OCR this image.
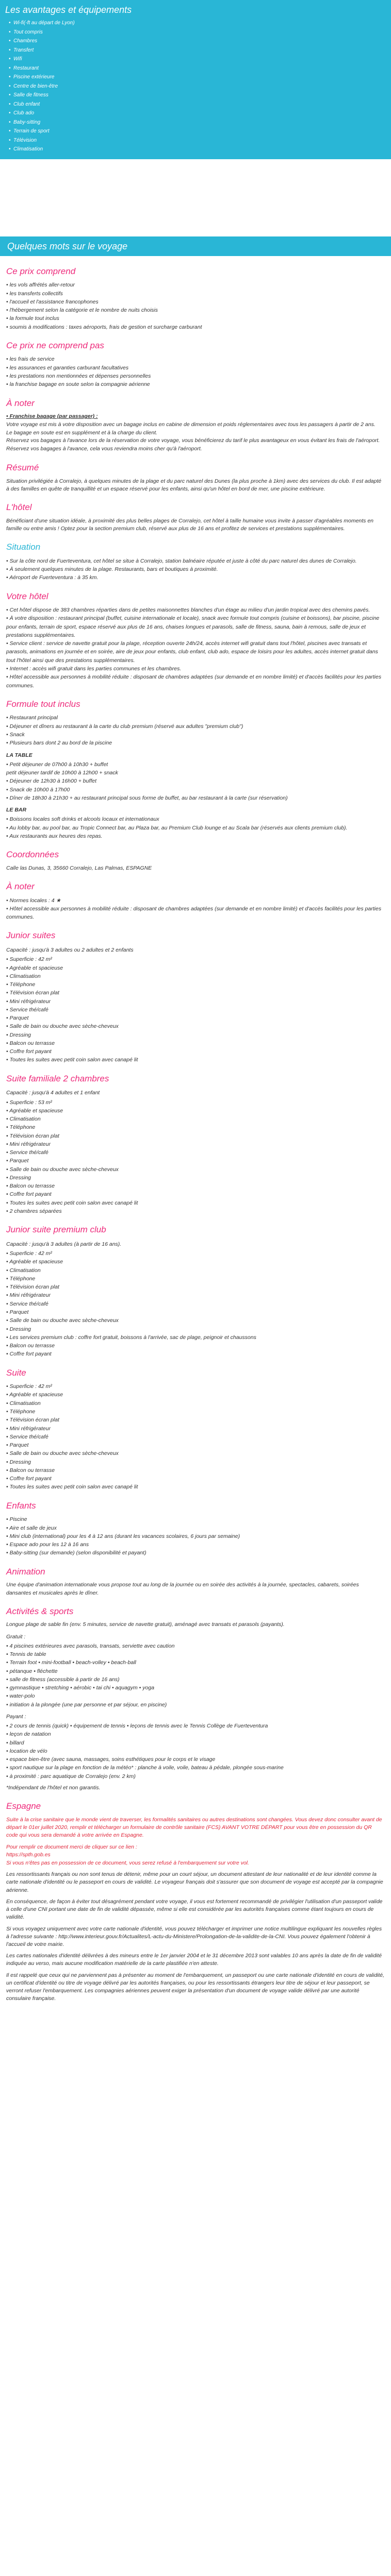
Les avantages et équipements
• Wi-fi(-ft au départ de Lyon)
• Tout compris
• Chambres
• Transfert
• Wifi
• Restaurant
• Piscine extérieure
• Centre de bien-être
• Salle de fitness
• Club enfant
• Club ado
• Baby-sitting
• Terrain de sport
• Télévision
• Climatisation
Quelques mots sur le voyage
Ce prix comprend
• les vols affrétés aller-retour
• les transferts collectifs
• l'accueil et l'assistance francophones
• l'hébergement selon la catégorie et le nombre de nuits choisis
• la formule tout inclus
• soumis à modifications : taxes aéroports, frais de gestion et surcharge carburant
Ce prix ne comprend pas
• les frais de service
• les assurances et garanties carburant facultatives
• les prestations non mentionnées et dépenses personnelles
• la franchise bagage en soute selon la compagnie aérienne
À noter
• Franchise bagage (par passager) :
Votre voyage est mis à votre disposition avec un bagage inclus en cabine de dimension et poids réglementaires avec tous les passagers à partir de 2 ans.
Le bagage en soute est en supplément et à la charge du client.
Réservez vos bagages à l'avance lors de la réservation de votre voyage, vous bénéficierez du tarif le plus avantageux en vous évitant les frais de l'aéroport.
Réservez vos bagages à l'avance, cela vous reviendra moins cher qu'à l'aéroport.
Résumé

Situation privilégiée à Corralejo, à quelques minutes de la plage et du parc naturel des Dunes (la plus proche à 1km) avec des services du club. Il est adapté à des familles en quête de tranquillité et un espace réservé pour les enfants, ainsi qu'un hôtel en bord de mer, une piscine extérieure.

L'hôtel

Bénéficiant d'une situation idéale, à proximité des plus belles plages de Corralejo, cet hôtel à taille humaine vous invite à passer d'agréables moments en famille ou entre amis ! Optez pour la section premium club, réservé aux plus de 16 ans et profitez de services et prestations supplémentaires.

Situation
• Sur la côte nord de Fuerteventura, cet hôtel se situe à Corralejo, station balnéaire réputée et juste à côté du parc naturel des dunes de Corralejo.
• À seulement quelques minutes de la plage. Restaurants, bars et boutiques à proximité.
• Aéroport de Fuerteventura : à 35 km.
Votre hôtel
• Cet hôtel dispose de 383 chambres réparties dans de petites maisonnettes blanches d'un étage au milieu d'un jardin tropical avec des chemins pavés.
• À votre disposition : restaurant principal (buffet, cuisine internationale et locale), snack avec formule tout compris (cuisine et boissons), bar piscine, piscine pour enfants, terrain de sport, espace réservé aux plus de 16 ans, chaises longues et parasols, salle de fitness, sauna, bain à remous, salle de jeux et prestations supplémentaires.
• Service client : service de navette gratuit pour la plage, réception ouverte 24h/24, accès internet wifi gratuit dans tout l'hôtel, piscines avec transats et parasols, animations en journée et en soirée, aire de jeux pour enfants, club enfant, club ado, espace de loisirs pour les adultes, accès internet gratuit dans tout l'hôtel ainsi que des prestations supplémentaires.
• Internet : accès wifi gratuit dans les parties communes et les chambres.
• Hôtel accessible aux personnes à mobilité réduite : disposant de chambres adaptées (sur demande et en nombre limité) et d'accès facilités pour les parties communes.
Formule tout inclus
• Restaurant principal
• Déjeuner et dîners au restaurant à la carte du club premium (réservé aux adultes "premium club")
• Snack
• Plusieurs bars dont 2 au bord de la piscine
LA TABLE
• Petit déjeuner de 07h00 à 10h30 + buffet
petit déjeuner tardif de 10h00 à 12h00 + snack
• Déjeuner de 12h30 à 16h00 + buffet
• Snack de 10h00 à 17h00
• Dîner de 18h30 à 21h30 + au restaurant principal sous forme de buffet, au bar restaurant à la carte (sur réservation)
LE BAR
• Boissons locales soft drinks et alcools locaux et internationaux
• Au lobby bar, au pool bar, au Tropic Connect bar, au Plaza bar, au Premium Club lounge et au Scala bar (réservés aux clients premium club).
• Aux restaurants aux heures des repas.
Coordonnées

Calle las Dunas, 3, 35660 Corralejo, Las Palmas, ESPAGNE

À noter
• Normes locales : 4 ★
• Hôtel accessible aux personnes à mobilité réduite : disposant de chambres adaptées (sur demande et en nombre limité) et d'accès facilités pour les parties communes.
Junior suites
Capacité : jusqu'à 3 adultes ou 2 adultes et 2 enfants
• Superficie : 42 m²
• Agréable et spacieuse
• Climatisation
• Téléphone
• Télévision écran plat
• Mini réfrigérateur
• Service thé/café
• Parquet
• Salle de bain ou douche avec sèche-cheveux
• Dressing
• Balcon ou terrasse
• Coffre fort payant
• Toutes les suites avec petit coin salon avec canapé lit
Suite familiale 2 chambres
Capacité : jusqu'à 4 adultes et 1 enfant
• Superficie : 53 m²
• Agréable et spacieuse
• Climatisation
• Téléphone
• Télévision écran plat
• Mini réfrigérateur
• Service thé/café
• Parquet
• Salle de bain ou douche avec sèche-cheveux
• Dressing
• Balcon ou terrasse
• Coffre fort payant
• Toutes les suites avec petit coin salon avec canapé lit
• 2 chambres séparées
Junior suite premium club
Capacité : jusqu'à 3 adultes (à partir de 16 ans).
• Superficie : 42 m²
• Agréable et spacieuse
• Climatisation
• Téléphone
• Télévision écran plat
• Mini réfrigérateur
• Service thé/café
• Parquet
• Salle de bain ou douche avec sèche-cheveux
• Dressing
• Les services premium club : coffre fort gratuit, boissons à l'arrivée, sac de plage, peignoir et chaussons
• Balcon ou terrasse
• Coffre fort payant
Suite
• Superficie : 42 m²
• Agréable et spacieuse
• Climatisation
• Téléphone
• Télévision écran plat
• Mini réfrigérateur
• Service thé/café
• Parquet
• Salle de bain ou douche avec sèche-cheveux
• Dressing
• Balcon ou terrasse
• Coffre fort payant
• Toutes les suites avec petit coin salon avec canapé lit
Enfants
• Piscine
• Aire et salle de jeux
• Mini club (international) pour les 4 à 12 ans (durant les vacances scolaires, 6 jours par semaine)
• Espace ado pour les 12 à 16 ans
• Baby-sitting (sur demande) (selon disponibilité et payant)
Animation

Une équipe d'animation internationale vous propose tout au long de la journée ou en soirée des activités à la journée, spectacles, cabarets, soirées dansantes et musicales après le dîner.

Activités & sports

Longue plage de sable fin (env. 5 minutes, service de navette gratuit), aménagé avec transats et parasols (payants).

Gratuit :
• 4 piscines extérieures avec parasols, transats, serviette avec caution
• Tennis de table
• Terrain foot • mini-football • beach-volley • beach-ball
• pétanque • fléchette
• salle de fitness (accessible à partir de 16 ans)
• gymnastique • stretching • aérobic • tai chi • aquagym • yoga
• water-polo
• initiation à la plongée (une par personne et par séjour, en piscine)
Payant :
• 2 cours de tennis (quick) • équipement de tennis • leçons de tennis avec le Tennis Collège de Fuerteventura
• leçon de natation
• billard
• location de vélo
• espace bien-être (avec sauna, massages, soins esthétiques pour le corps et le visage
• sport nautique sur la plage en fonction de la météo* : planche à voile, voile, bateau à pédale, plongée sous-marine
• à proximité : parc aquatique de Corralejo (env. 2 km)

*Indépendant de l'hôtel et non garantis.

Espagne

Suite à la crise sanitaire que le monde vient de traverser, les formalités sanitaires ou autres destinations sont changées. Vous devez donc consulter avant de départ le 01er juillet 2020, remplir et télécharger un formulaire de contrôle sanitaire (FCS) AVANT VOTRE DÉPART pour vous être en possession du QR code qui vous sera demandé à votre arrivée en Espagne.

Pour remplir ce document merci de cliquer sur ce lien :
https://spth.gob.es

Si vous n'êtes pas en possession de ce document, vous serez refusé à l'embarquement sur votre vol.

Les ressortissants français ou non sont tenus de détenir, même pour un court séjour, un document attestant de leur nationalité et de leur identité comme la carte nationale d'identité ou le passeport en cours de validité. Le voyageur français doit s'assurer que son document de voyage est accepté par la compagnie aérienne.

En conséquence, de façon à éviter tout désagrément pendant votre voyage, il vous est fortement recommandé de privilégier l'utilisation d'un passeport valide à celle d'une CNI portant une date de fin de validité dépassée, même si elle est considérée par les autorités françaises comme étant toujours en cours de validité.

Si vous voyagez uniquement avec votre carte nationale d'identité, vous pouvez télécharger et imprimer une notice multilingue expliquant les nouvelles règles à l'adresse suivante : http://www.interieur.gouv.fr/Actualites/L-actu-du-Ministere/Prolongation-de-la-validite-de-la-CNI. Vous pouvez également l'obtenir à l'accueil de votre mairie.

Les cartes nationales d'identité délivrées à des mineurs entre le 1er janvier 2004 et le 31 décembre 2013 sont valables 10 ans après la date de fin de validité indiquée au verso, mais aucune modification matérielle de la carte plastifiée n'en atteste.

Il est rappelé que ceux qui ne parviennent pas à présenter au moment de l'embarquement, un passeport ou une carte nationale d'identité en cours de validité, un certificat d'identité ou titre de voyage délivré par les autorités françaises, ou pour les ressortissants étrangers leur titre de séjour et leur passeport, se verront refuser l'embarquement. Les compagnies aériennes peuvent exiger la présentation d'un document de voyage valide délivré par une autorité consulaire française.
